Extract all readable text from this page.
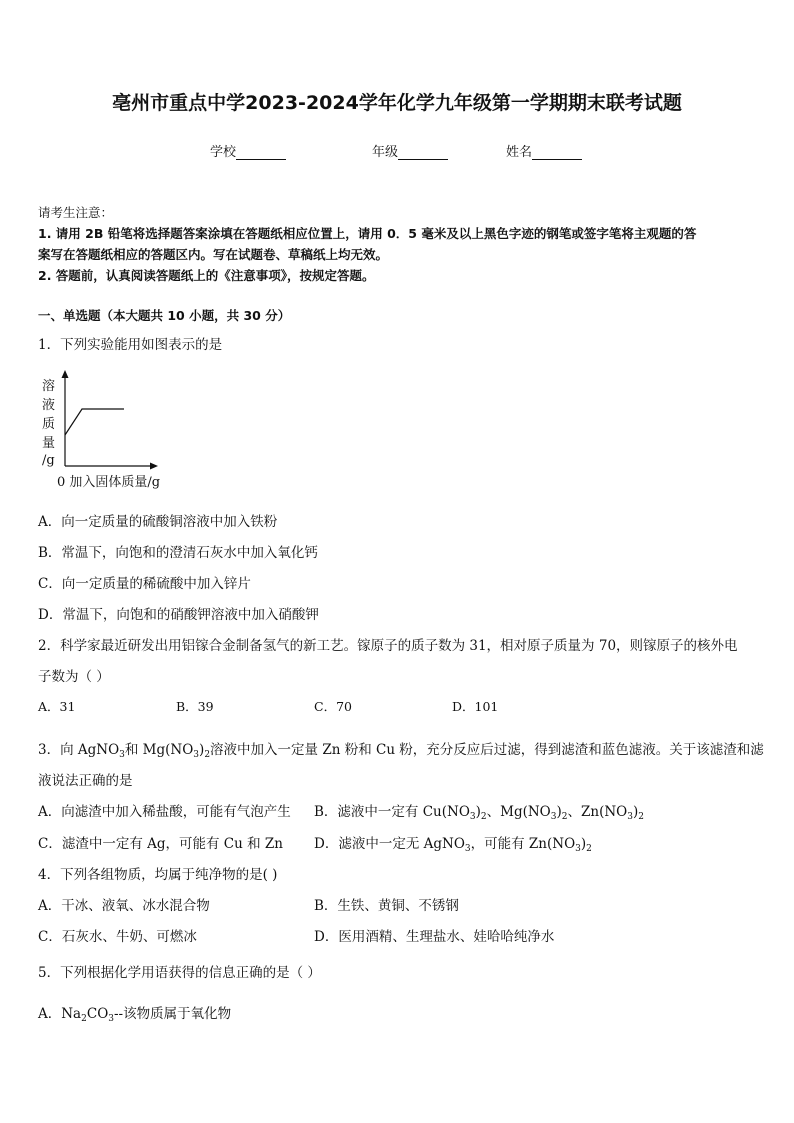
亳州市重点中学2023-2024学年化学九年级第一学期期末联考试题
学校	年级	姓名
请考生注意：
1. 请用 2B 铅笔将选择题答案涂填在答题纸相应位置上，请用 0．5 毫米及以上黑色字迹的钢笔或签字笔将主观题的答
案写在答题纸相应的答题区内。写在试题卷、草稿纸上均无效。
2. 答题前，认真阅读答题纸上的《注意事项》，按规定答题。
一、单选题（本大题共 10 小题，共 30 分）
1．下列实验能用如图表示的是
溶
液
质
量
/g
0 加入固体质量/g
A．向一定质量的硫酸铜溶液中加入铁粉
B．常温下，向饱和的澄清石灰水中加入氧化钙
C．向一定质量的稀硫酸中加入锌片
D．常温下，向饱和的硝酸钾溶液中加入硝酸钾
2．科学家最近研发出用铝镓合金制备氢气的新工艺。镓原子的质子数为 31，相对原子质量为 70，则镓原子的核外电
子数为（ ）
A．31	B．39	C．70	D．101
3．向 AgNO$_3$和 $Mg(NO_3)_2$溶液中加入一定量 Zn 粉和 Cu 粉，充分反应后过滤，得到滤渣和蓝色滤液。关于该滤渣和滤
液说法正确的是
A．向滤渣中加入稀盐酸，可能有气泡产生 B．滤液中一定有 $Cu(NO_3)_2$、$Mg(NO_3)_2$、$Zn(NO_3)_2$
C．滤渣中一定有 Ag，可能有 Cu 和 Zn D．滤液中一定无 AgNO$_3$，可能有 $Zn(NO_3)_2$
4．下列各组物质，均属于纯净物的是( )
A．干冰、液氧、冰水混合物	B．生铁、黄铜、不锈钢
C．石灰水、牛奶、可燃冰	D．医用酒精、生理盐水、娃哈哈纯净水
5．下列根据化学用语获得的信息正确的是（ ）
A．$Na_2CO_3--$该物质属于氧化物
